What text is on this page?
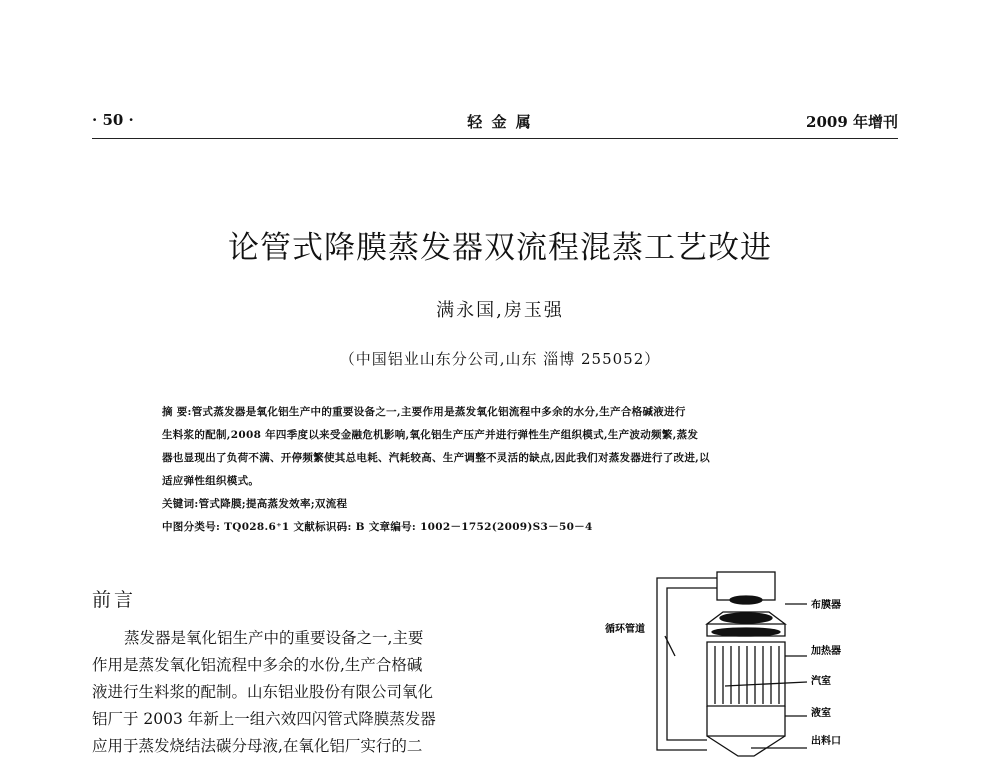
· 50 ·	轻 金 属	2009 年增刊
论管式降膜蒸发器双流程混蒸工艺改进
满永国,房玉强
（中国铝业山东分公司,山东 淄博 255052）
摘 要:管式蒸发器是氧化铝生产中的重要设备之一,主要作用是蒸发氧化铝流程中多余的水分,生产合格碱液进行
生料浆的配制,2008 年四季度以来受金融危机影响,氧化铝生产压产并进行弹性生产组织模式,生产波动频繁,蒸发
器也显现出了负荷不满、开停频繁使其总电耗、汽耗较高、生产调整不灵活的缺点,因此我们对蒸发器进行了改进,以
适应弹性组织模式。
关键词:管式降膜;提高蒸发效率;双流程
中图分类号: TQ028.6⁺1 文献标识码: B 文章编号: 1002－1752(2009)S3－50－4
前言
蒸发器是氧化铝生产中的重要设备之一,主要
作用是蒸发氧化铝流程中多余的水份,生产合格碱
液进行生料浆的配制。山东铝业股份有限公司氧化
铝厂于 2003 年新上一组六效四闪管式降膜蒸发器
应用于蒸发烧结法碳分母液,在氧化铝厂实行的二
布膜器
循环管道
加热器
汽室
液室
出料口
